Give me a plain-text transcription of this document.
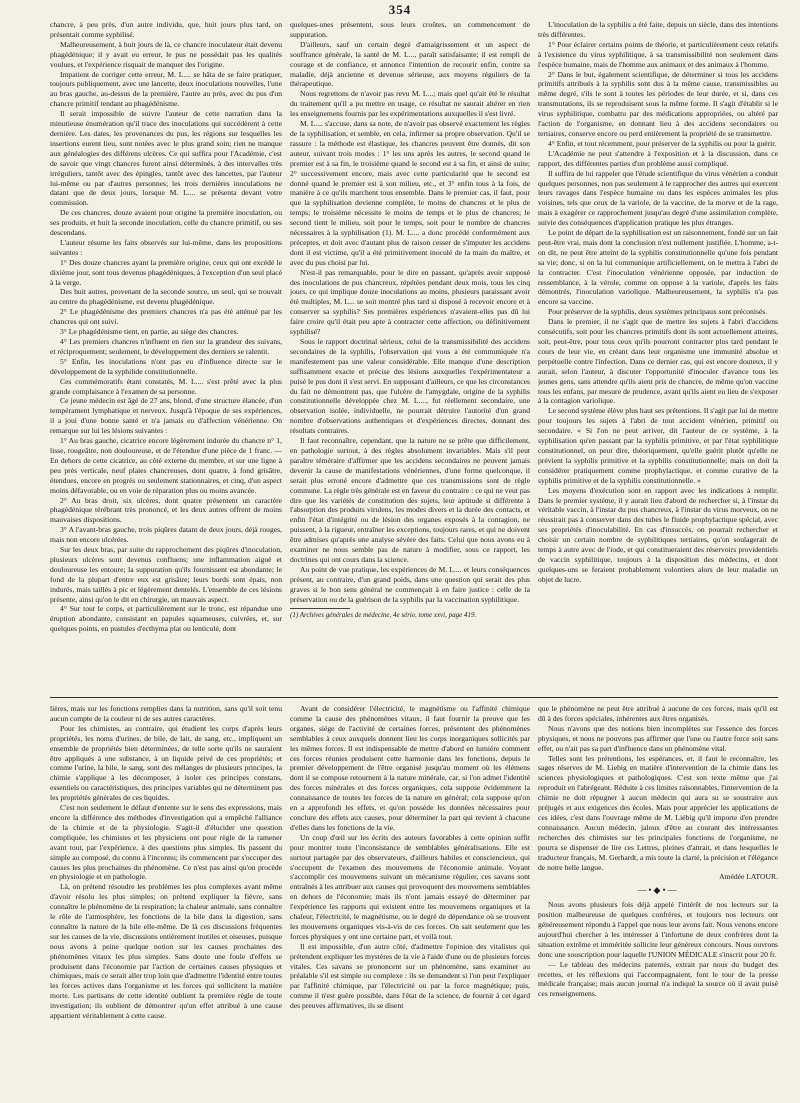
354

chancre, à peu près, d'un autre individu, que, huit jours plus tard, on présentait comme syphilisé.

Malheureusement, à huit jours de là, ce chancre inoculateur était devenu phagédénique; il y avait eu erreur, le pus ne possédait pas les qualités voulues, et l'expérience risquait de manquer des l'origine.

Impatient de corriger cette erreur, M. L.... se hâta de se faire pratiquer, toujours publiquement, avec une lancette, deux inoculations nouvelles, l'une au bras gauche, au-dessus de la première, l'autre au près, avec du pus d'un chancre primitif tendant au phagédénisme.

Il serait impossible de suivre l'auteur de cette narration dans la minutieuse énumération qu'il trace des inoculations qui succédèrent à cette dernière. Les dates, les provenances du pus, les régions sur lesquelles les insertions eurent lieu, sont notées avec le plus grand soin; rien ne manque aux généalogies des différens ulcères. Ce qui suffira pour l'Académie, c'est de savoir que vingt chancres furent ainsi déterminés, à des intervalles très irréguliers, tantôt avec des épingles, tantôt avec des lancettes, par l'auteur lui-même ou par d'autres personnes; les trois dernières inoculations ne datant que de deux jours, lorsque M. L.... se présenta devant votre commission.

De ces chancres, douze avaient pour origine la première inoculation, ou ses produits, et huit la seconde inoculation, celle du chancre primitif, ou ses descendans.

L'auteur résume les faits observés sur lui-même, dans les propositions suivantes :

1° Des douze chancres ayant la première origine, ceux qui ont excédé le dixième jour, sont tous devenus phagédéniques, à l'exception d'un seul placé à la verge.

Des huit autres, provenant de la seconde source, un seul, qui se trouvait au centre du phagédénisme, est devenu phagédénique.

2° Le phagédénisme des premiers chancres n'a pas été atténué par les chancres qui ont suivi.

3° Le phagédénisme tient, en partie, au siège des chancres.

4° Les premiers chancres n'influent en rien sur la grandeur des suivans, et réciproquement; seulement, le développement des derniers se ralentit.

5° Enfin, les inoculations n'ont pas eu d'influence directe sur le développement de la syphilide constitutionnelle.

Ces commémoratifs étant constatés, M. L.... s'est prêté avec la plus grande complaisance à l'examen de sa personne.

Ce jeune médecin est âgé de 27 ans, blond, d'une structure élancée, d'un tempérament lymphatique et nerveux. Jusqu'à l'époque de ses expériences, il a joui d'une bonne santé et n'a jamais eu d'affection vénérienne. On remarque sur lui les lésions suivantes :

1° Au bras gauche, cicatrice encore légèrement indurée du chancre n° 1, lisse, rougeâtre, non douloureuse, et de l'étendue d'une pièce de 1 franc. — En dehors de cette cicatrice, au côté externe du membre, et sur une ligne à peu près verticale, neuf plaies chancreuses, dont quatre, à fond grisâtre, étendues, encore en progrès ou seulement stationnaires, et cinq, d'un aspect moins défavorable, ou en voie de réparation plus ou moins avancée.

2° Au bras droit, six ulcères, dont quatre présentent un caractère phagédénique térébrant très prononcé, et les deux autres offrent de moins mauvaises dispositions.

3° A l'avant-bras gauche, trois piqûres datant de deux jours, déjà rouges, mais non encore ulcérées.

Sur les deux bras, par suite du rapprochement des piqûres d'inoculation, plusieurs ulcères sont devenus confluens; une inflammation aiguë et douloureuse les entoure; la suppuration qu'ils fournissent est abondante; le fond de la plupart d'entre eux est grisâtre; leurs bords sont épais, non indurés, mais taillés à pic et légèrement dentelés. L'ensemble de ces lésions présente, ainsi qu'on le dit en chirurgie, un mauvais aspect.

4° Sur tout le corps, et particulièrement sur le tronc, est répandue une éruption abondante, consistant en papules squameuses, cuivrées, et, sur quelques points, en pustules d'ecthyma plat ou lenticulé, dont

quelques-unes présentent, sous leurs croûtes, un commencement de suppuration.

D'ailleurs, sauf un certain degré d'amaigrissement et un aspect de souffrance générale, la santé de M. L..., paraît satisfaisante; il est rempli de courage et de confiance, et annonce l'intention de recourir enfin, contre sa maladie, déjà ancienne et devenue sérieuse, aux moyens réguliers de la thérapeutique.

Nous regrettons de n'avoir pas revu M. L...; mais quel qu'ait été le résultat du traitement qu'il a pu mettre en usage, ce résultat ne saurait altérer en rien les enseignemens fournis par les expérimentations auxquelles il s'est livré.

M. L.... s'accuse, dans sa note, de n'avoir pas observé exactement les règles de la syphilisation, et semble, en cela, infirmer sa propre observation. Qu'il se rassure : la méthode est élastique, les chancres peuvent être donnés, dit son auteur, suivant trois modes : 1° les uns après les autres, le second quand le premier est à sa fin, le troisième quand le second est à sa fin, et ainsi de suite; 2° successivement encore, mais avec cette particularité que le second est donné quand le premier est à son milieu, etc., et 3° enfin tous à la fois, de manière à ce qu'ils marchent tous ensemble. Dans le premier cas, il faut, pour que la syphilisation devienne complète, le moins de chancres et le plus de temps; le troisième nécessite le moins de temps et le plus de chancres; le second tient le milieu, soit pour le temps, soit pour le nombre de chancres nécessaires à la syphilisation (1). M. L.... a donc procédé conformément aux préceptes, et doit avec d'autant plus de raison cesser de s'imputer les accidens dont il est victime, qu'il a été primitivement inoculé de la main du maître, et avec du pus choisi par lui.

N'est-il pas remarquable, pour le dire en passant, qu'après avoir supposé des inoculations de pus chancreux, répétées pendant deux mois, tous les cinq jours, ce qui implique douze inoculations au moins, plusieurs paraissant avoir été multiples, M. L... se soit montré plus tard si disposé à recevoir encore et à conserver sa syphilis? Ses premières expériences n'avaient-elles pas dû lui faire croire qu'il était peu apte à contracter cette affection, ou définitivement syphilisé?

Sous le rapport doctrinal sérieux, celui de la transmissibilité des accidens secondaires de la syphilis, l'observation qui vous a été communiquée n'a manifestement pas une valeur considérable. Elle manque d'une description suffisamment exacte et précise des lésions auxquelles l'expérimentateur a puisé le pus dont il s'est servi. En supposant d'ailleurs, ce que les circonstances du fait ne démontrent pas, que l'ulcère de l'amygdale, origine de la syphilis constitutionnelle développée chez M. L...., fut réellement secondaire, une observation isolée, individuelle, ne pourrait détruire l'autorité d'un grand nombre d'observations authentiques et d'expériences directes, donnant des résultats contraires.

Il faut reconnaître, cependant, que la nature ne se prête que difficilement, en pathologie surtout, à des règles absolument invariables. Mais s'il peut paraître téméraire d'affirmer que les accidens secondaires ne peuvent jamais devenir la cause de manifestations vénériennes, d'une forme quelconque, il serait plus erroné encore d'admettre que ces transmissions sont de règle commune. La règle très générale est en faveur du contraire : ce qui ne veut pas dire que les variétés de constitution des sujets, leur aptitude si différente à l'absorption des produits virulens, les modes divers et la durée des contacts, et enfin l'état d'intégrité ou de lésion des organes exposés à la contagion, ne puissent, à la rigueur, entraîner les exceptions, toujours rares, et qui ne doivent être admises qu'après une analyse sévère des faits. Celui que nous avons eu à examiner ne nous semble pas de nature à modifier, sous ce rapport, les doctrines qui ont cours dans la science.

Au point de vue pratique, les expériences de M. L.... et leurs conséquences présent, au contraire, d'un grand poids, dans une question qui serait des plus graves si le bon sens général ne commençait à en faire justice : celle de la préservation ou de la guérison de la syphilis par la vaccination syphilitique.

(1) Archives générales de médecine, 4e série, tome xxvi, page 419.

L'inoculation de la syphilis a été faite, depuis un siècle, dans des intentions très différentes.

1° Pour éclairer certains points de théorie, et particulièrement ceux relatifs à l'existence du virus syphilitique, à sa transmissibilité non seulement dans l'espèce humaine, mais de l'homme aux animaux et des animaux à l'homme.

2° Dans le but, également scientifique, de déterminer si tous les accidens primitifs attribués à la syphilis sont dus à la même cause, transmissibles au même degré, s'ils le sont à toutes les périodes de leur durée, et si, dans ces transmutations, ils se reproduisent sous la même forme. Il s'agit d'établir si le virus syphilitique, combattu par des médications appropriées, ou altéré par l'action de l'organisme, en donnant lieu à des accidens secondaires ou tertiaires, conserve encore ou perd entièrement la propriété de se transmettre.

4° Enfin, et tout récemment, pour préserver de la syphilis ou pour la guérir.

L'Académie ne peut s'attendre à l'exposition et à la discussion, dans ce rapport, des différentes parties d'un problème aussi compliqué.

Il suffira de lui rappeler que l'étude scientifique du virus vénérien a conduit quelques personnes, non pas seulement à le rapprocher des autres qui exercent leurs ravages dans l'espèce humaine ou dans les espèces animales les plus voisines, tels que ceux de la variole, de la vaccine, de la morve et de la rage, mais à exagérer ce rapprochement jusqu'au degré d'une assimilation complète, suivie des conséquences d'application pratique les plus étranges.

Le point de départ de la syphilisation est un raisonnement, fondé sur un fait peut-être vrai, mais dont la conclusion n'est nullement justifiée. L'homme, a-t-on dit, ne peut être atteint de la syphilis constitutionnelle qu'une fois pendant sa vie; donc, si on la lui communique artificiellement, on le mettra à l'abri de la contracter. C'est l'inoculation vénérienne opposée, par induction de ressemblance, à la vérole, comme on oppose à la variole, d'après les faits démontrés, l'inoculation variolique. Malheureusement, la syphilis n'a pas encore sa vaccine.

Pour préserver de la syphilis, deux systèmes principaux sont préconisés.

Dans le premier, il ne s'agit que de mettre les sujets à l'abri d'accidens consécutifs, soit pour les chancres primitifs dont ils sont actuellement atteints, soit, peut-être, pour tous ceux qu'ils pourront contracter plus tard pendant le cours de leur vie, en créant dans leur organisme une immunité absolue et perpétuelle contre l'infection. Dans ce dernier cas, qui est encore douteux, il y aurait, selon l'auteur, à discuter l'opportunité d'inoculer d'avance tous les jeunes gens, sans attendre qu'ils aient pris de chancre, de même qu'on vaccine tous les enfans, par mesure de prudence, avant qu'ils aient eu lieu de s'exposer à la contagion variolique.

Le second système élève plus haut ses prétentions. Il s'agit par lui de mettre pour toujours les sujets à l'abri de tout accident vénérien, primitif ou secondaire. « Si l'on ne peut arriver, dit l'auteur de ce système, à la syphilisation qu'en passant par la syphilis primitive, et par l'état syphilitique constitutionnel, on peut dire, théoriquement, qu'elle guérit plutôt qu'elle ne prévient la syphilis primitive et la syphilis constitutionnelle; mais on doit la considérer pratiquement comme prophylactique, et comme curative de la syphilis primitive et de la syphilis constitutionnelle. »

Les moyens d'exécution sont en rapport avec les indications à remplir. Dans le premier système, il y aurait lieu d'abord de rechercher si, à l'instar du véritable vaccin, à l'instar du pus chancreux, à l'instar du virus morveux, on ne réussirait pas à conserver dans des tubes le fluide prophylactique spécial, avec ses propriétés d'inoculabilité. En cas d'insuccès, on pourrait rechercher et choisir un certain nombre de syphilitiques tertiaires, qu'on soulagerait de temps à autre avec de l'iode, et qui constitueraient des réservoirs providentiels de vaccin syphilitique, toujours à la disposition des médecins, et dont quelques-uns se feraient probablement volontiers alors de leur maladie un objet de lucre.

lières, mais sur les fonctions remplies dans la nutrition, sans qu'il soit tenu aucun compte de la couleur ni de ses autres caractères.

Pour les chimistes, au contraire, qui étudient les corps d'après leurs propriétés, les noms d'urines, de bile, de lait, de sang, etc., impliquent un ensemble de propriétés bien déterminées, de telle sorte qu'ils ne sauraient être appliqués à une substance, à un liquide privé de ces propriétés; et comme l'urine, la bile, le sang, sont des mélanges de plusieurs principes, la chimie s'applique à les décomposer, à isoler ces principes constans, essentiels ou caractéristiques, des principes variables qui ne déterminent pas les propriétés générales de ces liquides.

C'est non seulement le défaut d'entente sur le sens des expressions, mais encore la différence des méthodes d'investigation qui a empêché l'alliance de la chimie et de la physiologie. S'agit-il d'élucider une question compliquée, les chimistes et les physiciens ont pour règle de la ramener avant tout, par l'expérience, à des questions plus simples. Ils passent du simple au composé, du connu à l'inconnu; ils commencent par s'occuper des causes les plus prochaines du phénomène. Ce n'est pas ainsi qu'on procède en physiologie et en pathologie.

Là, on prétend résoudre les problèmes les plus complexes avant même d'avoir résolu les plus simples; on prétend expliquer la fièvre, sans connaître le phénomène de la respiration; la chaleur animale, sans connaître le rôle de l'atmosphère, les fonctions de la bile dans la digestion, sans connaître la nature de la bile elle-même. De là ces discussions fréquentes sur les causes de la vie, discussions entièrement inutiles et oiseuses, puisque nous avons à peine quelque notion sur les causes prochaines des phénomènes vitaux les plus simples. Sans doute une foule d'effets se produisent dans l'économie par l'action de certaines causes physiques et chimiques, mais ce serait aller trop loin que d'admettre l'identité entre toutes les forces actives dans l'organisme et les forces qui sollicitent la matière morte. Les partisans de cette identité oublient la première règle de toute investigation; ils oublient de démontrer qu'un effet attribué à une cause appartient véritablement à cette cause.

Avant de considérer l'électricité, le magnétisme ou l'affinité chimique comme la cause des phénomènes vitaux, il faut fournir la preuve que les organes, siége de l'activité de certaines forces, présentent des phénomènes semblables à ceux auxquels donnent lieu les corps inorganiques sollicités par les mêmes forces. Il est indispensable de mettre d'abord en lumière comment ces forces réunies produisent cette harmonie dans les fonctions, depuis le premier développement de l'être organisé jusqu'au moment où les élémens dont il se compose retournent à la nature minérale, car, si l'on admet l'identité des forces minérales et des forces organiques, cela suppose évidemment la connaissance de toutes les forces de la nature en général; cela suppose qu'on en a approfondi les effets, et qu'on possède les données nécessaires pour conclure des effets aux causes, pour déterminer la part qui revient à chacune d'elles dans les fonctions de la vie.

Un coup d'œil sur les écrits des auteurs favorables à cette opinion suffit pour montrer toute l'inconsistance de semblables généralisations. Elle est surtout partagée par des observateurs, d'ailleurs habiles et consciencieux, qui s'occupent de l'examen des mouvemens de l'économie animale. Voyant s'accomplir ces mouvemens suivant un mécanisme régulier, ces savans sont entraînés à les attribuer aux causes qui provoquent des mouvemens semblables en dehors de l'économie; mais ils n'ont jamais essayé de déterminer par l'expérience les rapports qui existent entre les mouvemens organiques et la chaleur, l'électricité, le magnétisme, ou le degré de dépendance où se trouvent les mouvemens organiques vis-à-vis de ces forces. On sait seulement que les forces physiques y ont une certaine part, et voilà tout.

Il est impossible, d'un autre côté, d'admettre l'opinion des vitalistes qui prétendent expliquer les mystères de la vie à l'aide d'une ou de plusieurs forces vitales. Ces savans se prononcent sur un phénomène, sans examiner au préalable s'il est simple ou complexe : ils se demandent si l'on peut l'expliquer par l'affinité chimique, par l'électricité ou par la force magnétique; puis, comme il n'est guère possible, dans l'état de la science, de fournir à cet égard des preuves affirmatives, ils se disent

que le phénomène ne peut être attribué à aucune de ces forces, mais qu'il est dû à des forces spéciales, inhérentes aux êtres organisés.

Nous n'avons que des notions bien incomplètes sur l'essence des forces physiques, et nous ne pouvons pas affirmer que l'une ou l'autre force soit sans effet, ou n'ait pas sa part d'influence dans un phénomène vital.

Telles sont les prétentions, les espérances, et, il faut le reconnaître, les sages réserves de M. Liebig en matière d'intervention de la chimie dans les sciences physiologiques et pathologiques. C'est son texte même que j'ai reproduit en l'abrégeant. Réduite à ces limites raisonnables, l'intervention de la chimie ne doit répugner à aucun médecin qui aura su se soustraire aux préjugés et aux exigences des écoles. Mais pour apprécier les applications de ces idées, c'est dans l'ouvrage même de M. Liébig qu'il importe d'en prendre connaissance. Aucun médecin, jaloux d'être au courant des intéressantes recherches des chimistes sur les principales fonctions de l'organisme, ne pourra se dispenser de lire ces Lettres, pleines d'attrait, et dans lesquelles le traducteur français, M. Gerhardt, a mis toute la clarté, la précision et l'élégance de notre belle langue.

Amédée LATOUR.

—•◆•—

Nous avons plusieurs fois déjà appelé l'intérêt de nos lecteurs sur la position malheureuse de quelques confrères, et toujours nos lecteurs ont généreusement répondu à l'appel que nous leur avons fait. Nous venons encore aujourd'hui chercher à les intéresser à l'infortune de deux confrères dont la situation extrême et imméritée sollicite leur généreux concours. Nous ouvrons donc une souscription pour laquelle l'UNION MÉDICALE s'inscrit pour 20 fr.

— Le tableau des médecins patentés, extrait par nous du budget des recettes, et les réflexions qui l'accompagnaient, font le tour de la presse médicale française; mais aucun journal n'a indiqué la source où il avait puisé ces renseignemens.
